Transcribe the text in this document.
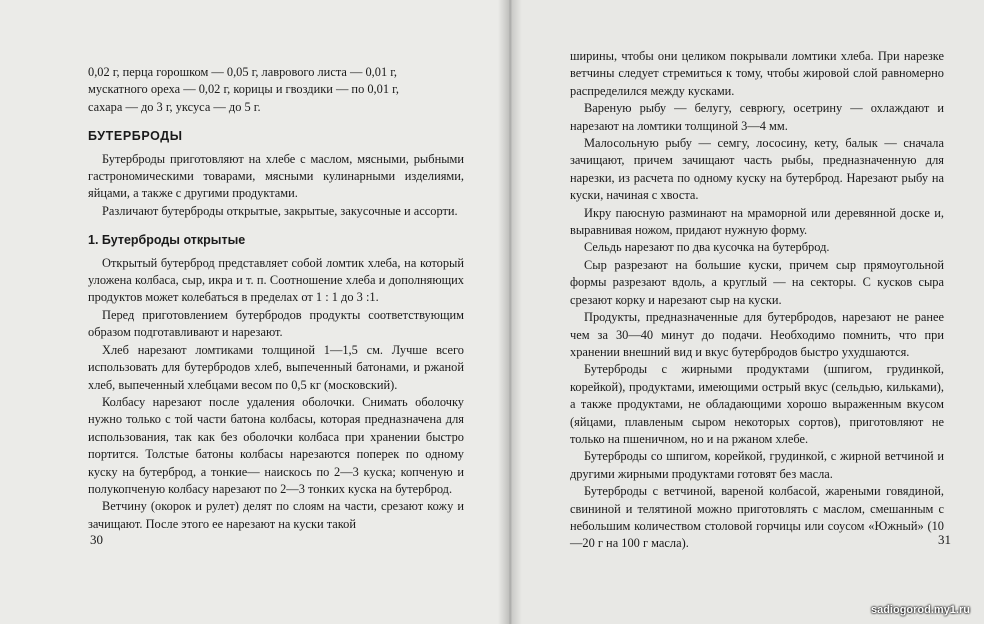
0,02 г, перца горошком — 0,05 г, лаврового листа — 0,01 г,

мускатного ореха — 0,02 г, корицы и гвоздики — по 0,01 г,

сахара — до 3 г, уксуса — до 5 г.

БУТЕРБРОДЫ

Бутерброды приготовляют на хлебе с маслом, мясными, рыбными гастрономическими товарами, мясными кулинарными изделиями, яйцами, а также с другими продуктами.

Различают бутерброды открытые, закрытые, закусочные и ассорти.

1. Бутерброды открытые

Открытый бутерброд представляет собой ломтик хлеба, на который уложена колбаса, сыр, икра и т. п. Соотношение хлеба и дополняющих продуктов может колебаться в пределах от 1 : 1 до 3 :1.

Перед приготовлением бутербродов продукты соответствующим образом подготавливают и нарезают.

Хлеб нарезают ломтиками толщиной 1—1,5 см. Лучше всего использовать для бутербродов хлеб, выпеченный батонами, и ржаной хлеб, выпеченный хлебцами весом по 0,5 кг (московский).

Колбасу нарезают после удаления оболочки. Снимать оболочку нужно только с той части батона колбасы, которая предназначена для использования, так как без оболочки колбаса при хранении быстро портится. Толстые батоны колбасы нарезаются поперек по одному куску на бутерброд, а тонкие— наискось по 2—3 куска; копченую и полукопченую колбасу нарезают по 2—3 тонких куска на бутерброд.

Ветчину (окорок и рулет) делят по слоям на части, срезают кожу и зачищают. После этого ее нарезают на куски такой

30

ширины, чтобы они целиком покрывали ломтики хлеба. При нарезке ветчины следует стремиться к тому, чтобы жировой слой равномерно распределился между кусками.

Вареную рыбу — белугу, севрюгу, осетрину — охлаждают и нарезают на ломтики толщиной 3—4 мм.

Малосольную рыбу — семгу, лососину, кету, балык — сначала зачищают, причем зачищают часть рыбы, предназначенную для нарезки, из расчета по одному куску на бутерброд. Нарезают рыбу на куски, начиная с хвоста.

Икру паюсную разминают на мраморной или деревянной доске и, выравнивая ножом, придают нужную форму.

Сельдь нарезают по два кусочка на бутерброд.

Сыр разрезают на большие куски, причем сыр прямоугольной формы разрезают вдоль, а круглый — на секторы. С кусков сыра срезают корку и нарезают сыр на куски.

Продукты, предназначенные для бутербродов, нарезают не ранее чем за 30—40 минут до подачи. Необходимо помнить, что при хранении внешний вид и вкус бутербродов быстро ухудшаются.

Бутерброды с жирными продуктами (шпигом, грудинкой, корейкой), продуктами, имеющими острый вкус (сельдью, кильками), а также продуктами, не обладающими хорошо выраженным вкусом (яйцами, плавленым сыром некоторых сортов), приготовляют не только на пшеничном, но и на ржаном хлебе.

Бутерброды со шпигом, корейкой, грудинкой, с жирной ветчиной и другими жирными продуктами готовят без масла.

Бутерброды с ветчиной, вареной колбасой, жареными говядиной, свининой и телятиной можно приготовлять с маслом, смешанным с небольшим количеством столовой горчицы или соусом «Южный» (10—20 г на 100 г масла).	31
sadiogorod.my1.ru
